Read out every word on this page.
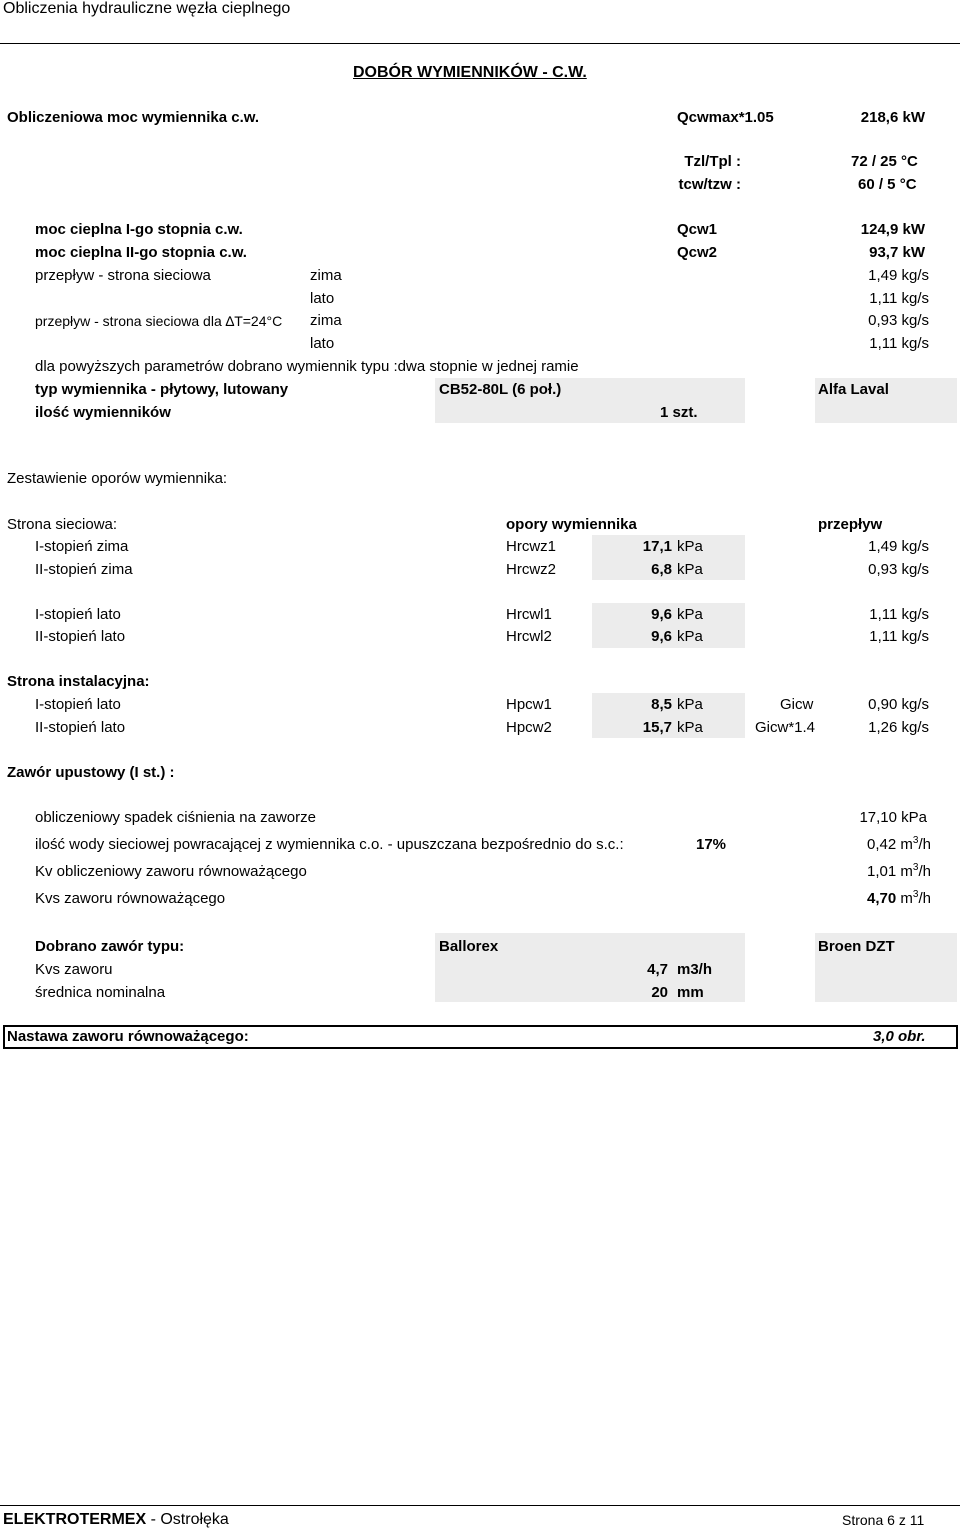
Obliczenia hydrauliczne węzła cieplnego
DOBÓR WYMIENNIKÓW - C.W.
Obliczeniowa moc wymiennika c.w.	Qcwmax*1.05	218,6 kW
Tzl/Tpl :	72 / 25 °C
tcw/tzw :	60 / 5 °C
moc cieplna I-go stopnia c.w.	Qcw1	124,9 kW
moc cieplna II-go stopnia c.w.	Qcw2	93,7 kW
przepływ - strona sieciowa	zima	1,49 kg/s
lato	1,11 kg/s
przepływ - strona sieciowa dla ∆T=24°C zima	0,93 kg/s
lato	1,11 kg/s
dla powyższych parametrów dobrano wymiennik typu :dwa stopnie w jednej ramie
typ wymiennika - płytowy, lutowany	CB52-80L (6 poł.)	Alfa Laval
ilość wymienników	1 szt.
Zestawienie oporów wymiennika:
Strona sieciowa:	opory wymiennika	przepływ
I-stopień zima	Hrcwz1	17,1 kPa	1,49 kg/s
II-stopień zima	Hrcwz2	6,8 kPa	0,93 kg/s
I-stopień lato	Hrcwl1	9,6 kPa	1,11 kg/s
II-stopień lato	Hrcwl2	9,6 kPa	1,11 kg/s
Strona instalacyjna:
I-stopień lato	Hpcw1	8,5 kPa	Gicw	0,90 kg/s
II-stopień lato	Hpcw2	15,7 kPa	Gicw*1.4	1,26 kg/s
Zawór upustowy (I st.) :
obliczeniowy spadek ciśnienia na zaworze	17,10 kPa
ilość wody sieciowej powracającej z wymiennika c.o. - upuszczana bezpośrednio do s.c.:	17%	0,42 $m^3/h$
Kv obliczeniowy zaworu równoważącego	1,01 $m^3/h$
Kvs zaworu równoważącego	4,70 $m^3/h$
Dobrano zawór typu:	Ballorex	Broen DZT
Kvs zaworu	4,7 m3/h
średnica nominalna	20 mm
Nastawa zaworu równoważącego:	3,0 obr.
ELEKTROTERMEX - Ostrołęka	Strona 6 z 11
